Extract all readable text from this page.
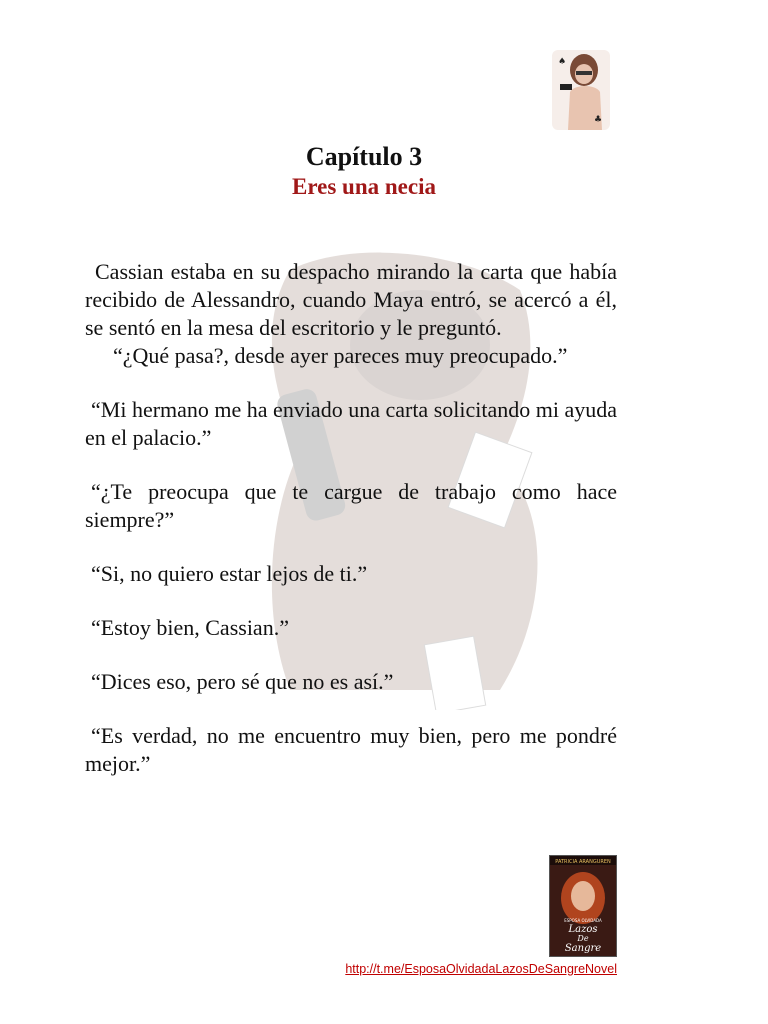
♠
♣
Capítulo 3
Eres una necia

Cassian estaba en su despacho mirando la carta que había recibido de Alessandro, cuando Maya entró, se acercó a él, se sentó en la mesa del escritorio y le preguntó.

“¿Qué pasa?, desde ayer pareces muy preocupado.”

“Mi hermano me ha enviado una carta solicitando mi ayuda en el palacio.”

“¿Te preocupa que te cargue de trabajo como hace siempre?”

“Si, no quiero estar lejos de ti.”

“Estoy bien, Cassian.”

“Dices eso, pero sé que no es así.”

“Es verdad, no me encuentro muy bien, pero me pondré mejor.”

PATRICIA ARANGUREN
ESPOSA OLVIDADA
Lazos
De
Sangre
http://t.me/EsposaOlvidadaLazosDeSangreNovel
